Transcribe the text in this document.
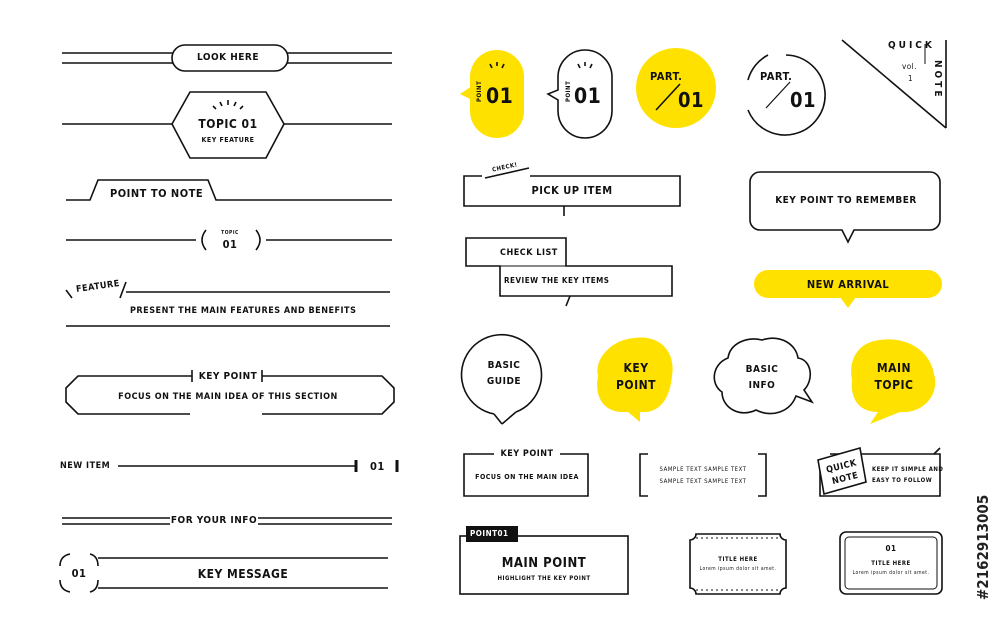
LOOK HERE
TOPIC 01
KEY FEATURE
POINT TO NOTE
TOPIC
01
FEATURE
PRESENT THE MAIN FEATURES AND BENEFITS
KEY POINT
FOCUS ON THE MAIN IDEA OF THIS SECTION
NEW ITEM	01
FOR YOUR INFO
01	KEY MESSAGE
POINT 01	POINT 01
PART.
01
PART.
01
QUICK
NOTE
vol.
1
CHECK!
PICK UP ITEM
CHECK LIST
REVIEW THE KEY ITEMS
KEY POINT TO REMEMBER
NEW ARRIVAL
BASIC
GUIDE
KEY
POINT
BASIC
INFO
MAIN
TOPIC
KEY POINT
FOCUS ON THE MAIN IDEA
SAMPLE TEXT SAMPLE TEXT
SAMPLE TEXT SAMPLE TEXT
QUICK
NOTE
KEEP IT SIMPLE AND
EASY TO FOLLOW
POINT01
MAIN POINT
HIGHLIGHT THE KEY POINT
TITLE HERE
Lorem ipsum dolor sit amet.
01
TITLE HERE
Lorem ipsum dolor sit amet.	#2162913005
